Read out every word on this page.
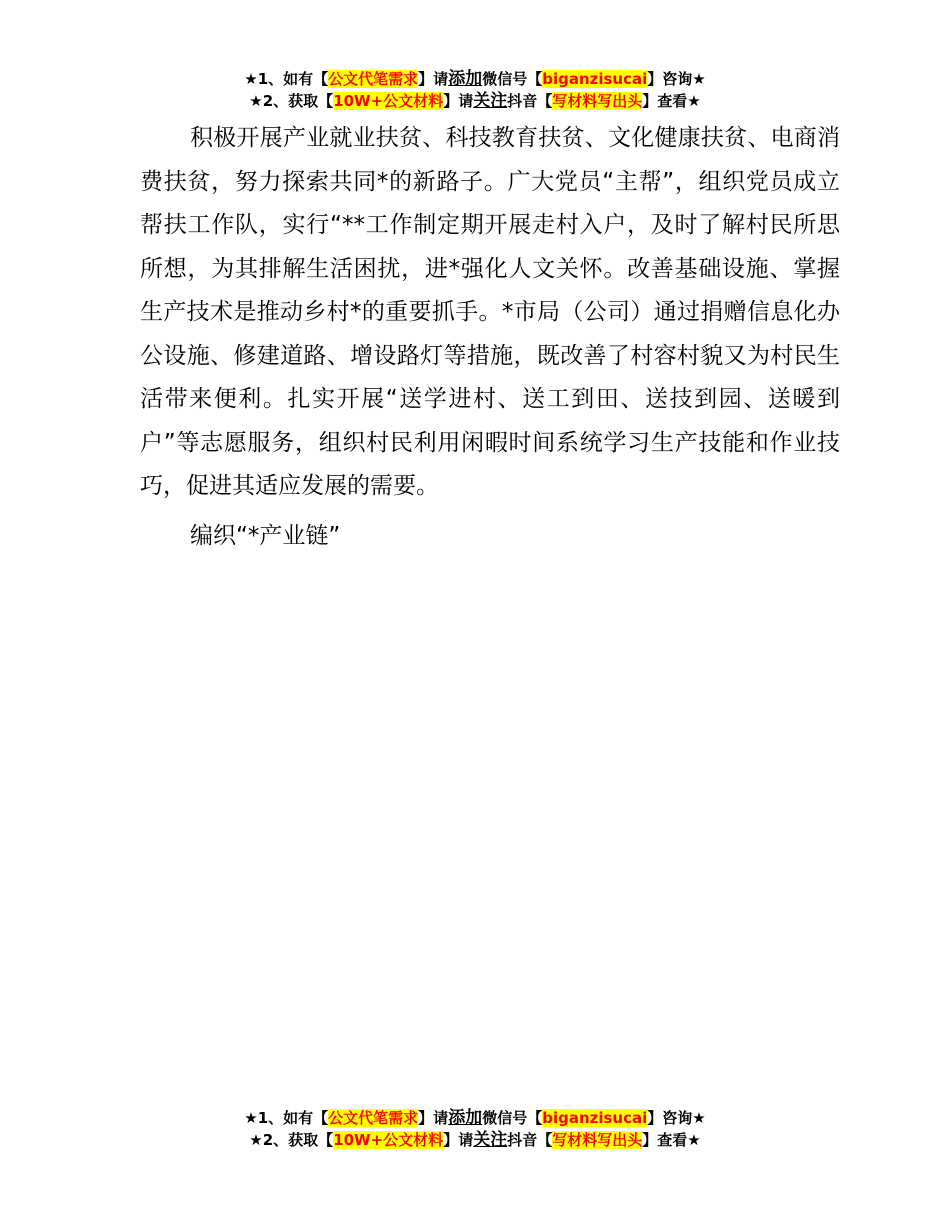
★1、如有【公文代笔需求】请添加微信号【biganzisucai】咨询★
★2、获取【10W+公文材料】请关注抖音【写材料写出头】查看★

积极开展产业就业扶贫、科技教育扶贫、文化健康扶贫、电商消费扶贫，努力探索共同*的新路子。广大党员“主帮”，组织党员成立帮扶工作队，实行“**工作制定期开展走村入户，及时了解村民所思所想，为其排解生活困扰，进*强化人文关怀。改善基础设施、掌握生产技术是推动乡村*的重要抓手。*市局（公司）通过捐赠信息化办公设施、修建道路、增设路灯等措施，既改善了村容村貌又为村民生活带来便利。扎实开展“送学进村、送工到田、送技到园、送暖到户”等志愿服务，组织村民利用闲暇时间系统学习生产技能和作业技巧，促进其适应发展的需要。

编织“*产业链”

★1、如有【公文代笔需求】请添加微信号【biganzisucai】咨询★
★2、获取【10W+公文材料】请关注抖音【写材料写出头】查看★
